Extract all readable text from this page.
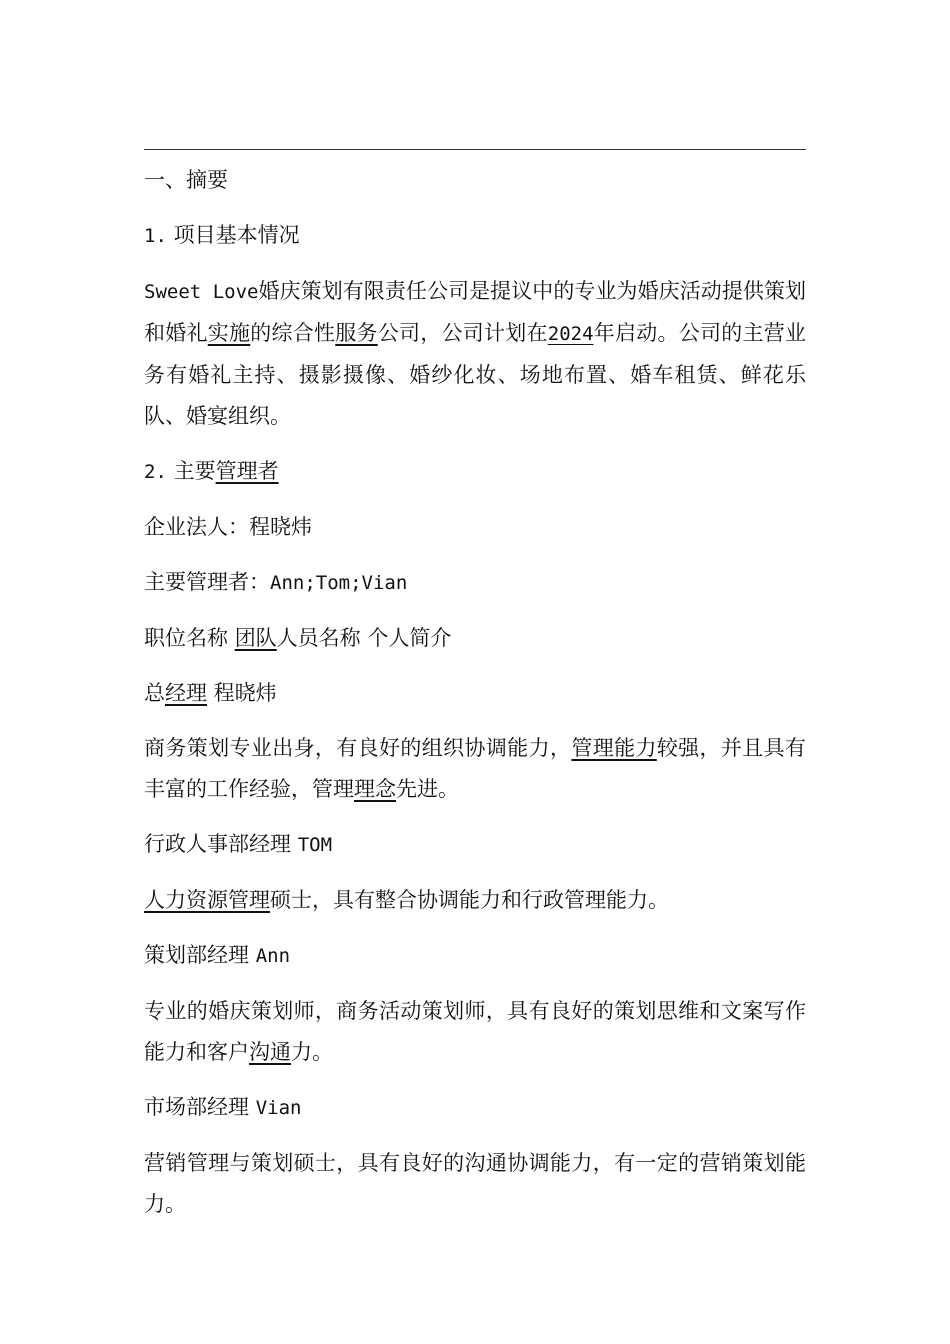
一、摘要

1. 项目基本情况

Sweet Love婚庆策划有限责任公司是提议中的专业为婚庆活动提供策划和婚礼实施的综合性服务公司，公司计划在2024年启动。公司的主营业务有婚礼主持、摄影摄像、婚纱化妆、场地布置、婚车租赁、鲜花乐队、婚宴组织。

2. 主要管理者

企业法人：程晓炜

主要管理者：Ann;Tom;Vian

职位名称 团队人员名称 个人简介

总经理 程晓炜

商务策划专业出身，有良好的组织协调能力，管理能力较强，并且具有丰富的工作经验，管理理念先进。

行政人事部经理 TOM

人力资源管理硕士，具有整合协调能力和行政管理能力。

策划部经理 Ann

专业的婚庆策划师，商务活动策划师，具有良好的策划思维和文案写作能力和客户沟通力。

市场部经理 Vian

营销管理与策划硕士，具有良好的沟通协调能力，有一定的营销策划能力。
